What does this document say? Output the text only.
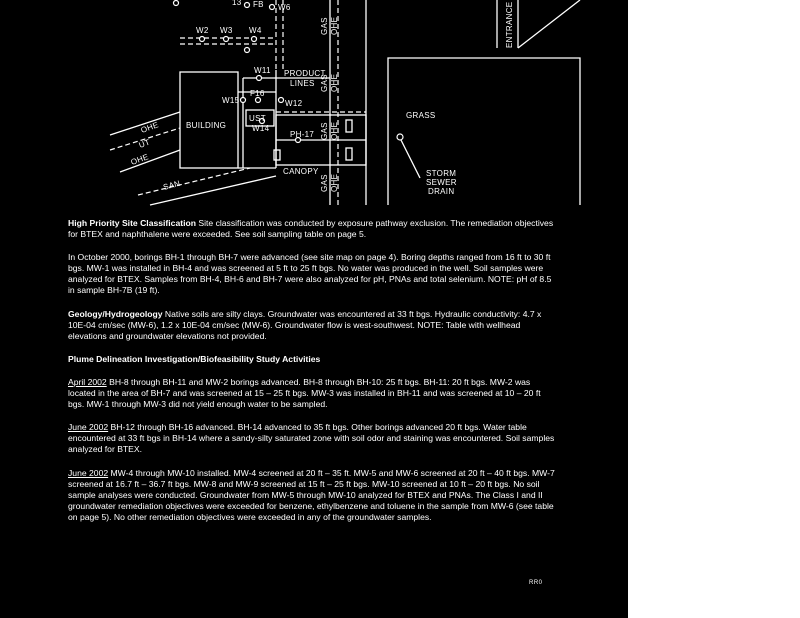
GAS OHE
GAS OHE
GAS OHE
GAS OHE
ENTRANCE
PRODUCT
LINES
BUILDING
GRASS
CANOPY	STORM
SEWER
DRAIN
UST
OHE
UT
OHE
SAN
W2 W3 W4
W6
FB
13
W11
W12
W14
W15
F16
PH-17

High Priority Site Classification Site classification was conducted by exposure pathway exclusion. The remediation objectives for BTEX and naphthalene were exceeded. See soil sampling table on page 5.

In October 2000, borings BH-1 through BH-7 were advanced (see site map on page 4). Boring depths ranged from 16 ft to 30 ft bgs. MW-1 was installed in BH-4 and was screened at 5 ft to 25 ft bgs. No water was produced in the well. Soil samples were analyzed for BTEX. Samples from BH-4, BH-6 and BH-7 were also analyzed for pH, PNAs and total selenium. NOTE: pH of 8.5 in sample BH-7B (19 ft).

Geology/Hydrogeology Native soils are silty clays. Groundwater was encountered at 33 ft bgs. Hydraulic conductivity: 4.7 x 10E-04 cm/sec (MW-6), 1.2 x 10E-04 cm/sec (MW-6). Groundwater flow is west-southwest. NOTE: Table with wellhead elevations and groundwater elevations not provided.

Plume Delineation Investigation/Biofeasibility Study Activities

April 2002 BH-8 through BH-11 and MW-2 borings advanced. BH-8 through BH-10: 25 ft bgs. BH-11: 20 ft bgs. MW-2 was located in the area of BH-7 and was screened at 15 – 25 ft bgs. MW-3 was installed in BH-11 and was screened at 10 – 20 ft bgs. MW-1 through MW-3 did not yield enough water to be sampled.

June 2002 BH-12 through BH-16 advanced. BH-14 advanced to 35 ft bgs. Other borings advanced 20 ft bgs. Water table encountered at 33 ft bgs in BH-14 where a sandy-silty saturated zone with soil odor and staining was encountered. Soil samples analyzed for BTEX.

June 2002 MW-4 through MW-10 installed. MW-4 screened at 20 ft – 35 ft. MW-5 and MW-6 screened at 20 ft – 40 ft bgs. MW-7 screened at 16.7 ft – 36.7 ft bgs. MW-8 and MW-9 screened at 15 ft – 25 ft bgs. MW-10 screened at 10 ft – 20 ft bgs. No soil sample analyses were conducted. Groundwater from MW-5 through MW-10 analyzed for BTEX and PNAs. The Class I and II groundwater remediation objectives were exceeded for benzene, ethylbenzene and toluene in the sample from MW-6 (see table on page 5). No other remediation objectives were exceeded in any of the groundwater samples.

RR0
